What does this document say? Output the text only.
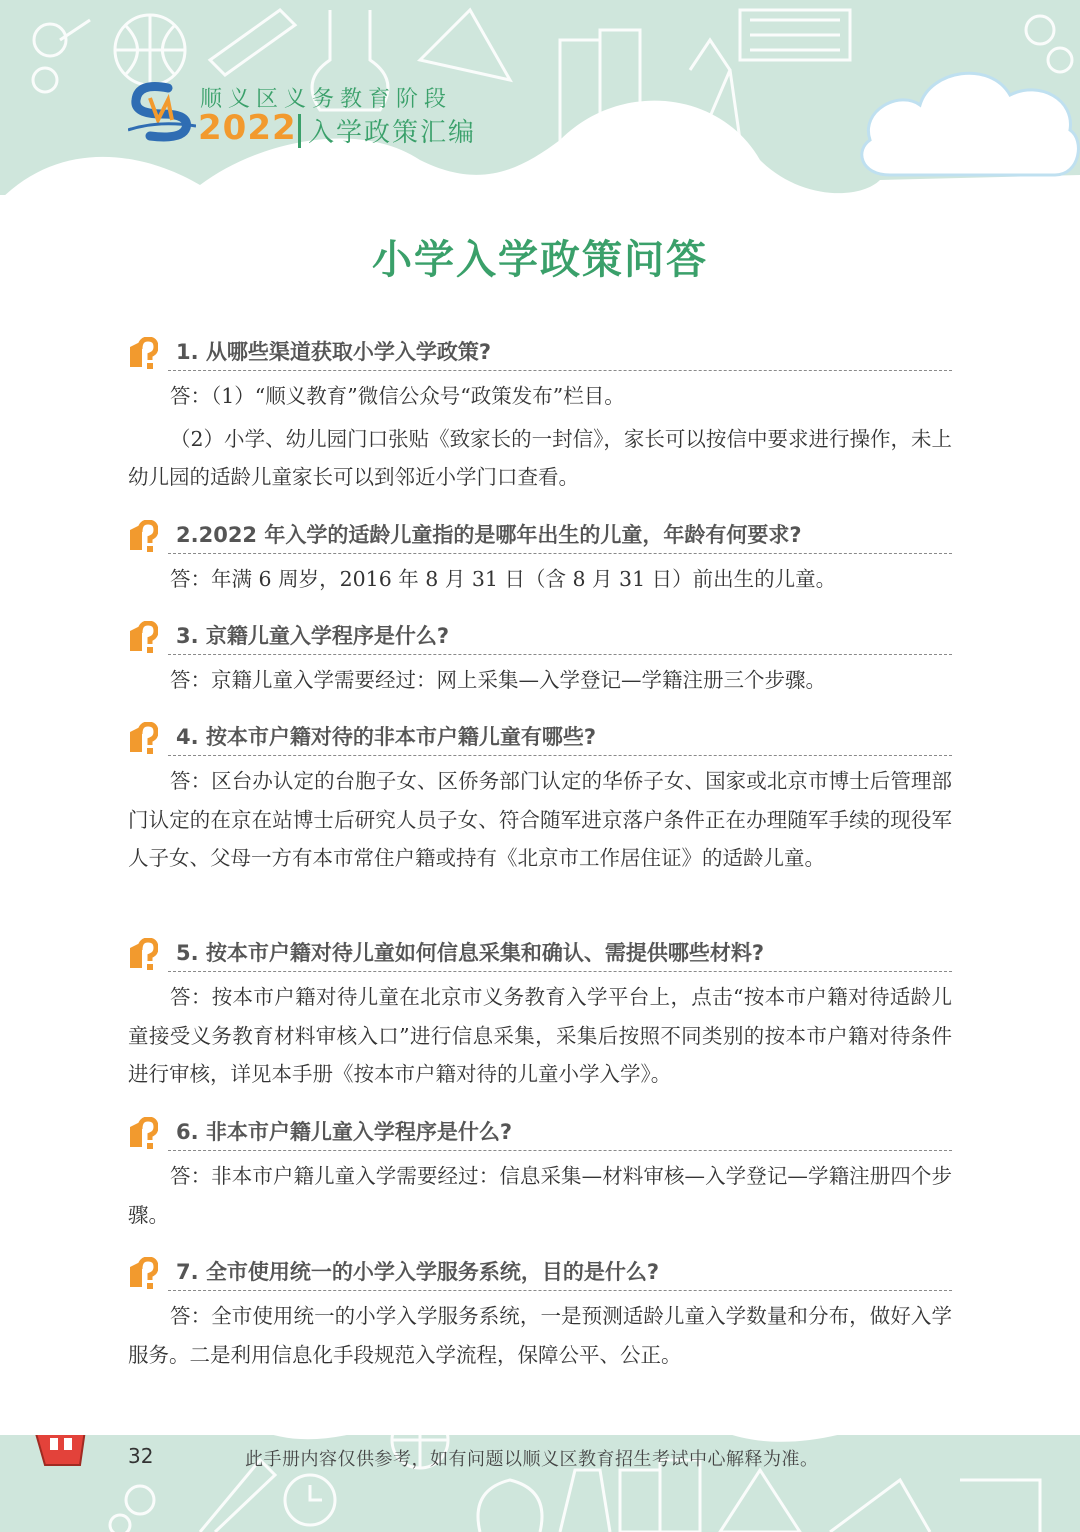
顺义区义务教育阶段
2022 入学政策汇编
小学入学政策问答
1. 从哪些渠道获取小学入学政策?

答：（1）“顺义教育”微信公众号“政策发布”栏目。

（2）小学、幼儿园门口张贴《致家长的一封信》，家长可以按信中要求进行操作，未上幼儿园的适龄儿童家长可以到邻近小学门口查看。

2.2022 年入学的适龄儿童指的是哪年出生的儿童，年龄有何要求?

答：年满 6 周岁，2016 年 8 月 31 日（含 8 月 31 日）前出生的儿童。

3. 京籍儿童入学程序是什么?

答：京籍儿童入学需要经过：网上采集—入学登记—学籍注册三个步骤。

4. 按本市户籍对待的非本市户籍儿童有哪些?

答：区台办认定的台胞子女、区侨务部门认定的华侨子女、国家或北京市博士后管理部门认定的在京在站博士后研究人员子女、符合随军进京落户条件正在办理随军手续的现役军人子女、父母一方有本市常住户籍或持有《北京市工作居住证》的适龄儿童。

5. 按本市户籍对待儿童如何信息采集和确认、需提供哪些材料?

答：按本市户籍对待儿童在北京市义务教育入学平台上，点击“按本市户籍对待适龄儿童接受义务教育材料审核入口”进行信息采集，采集后按照不同类别的按本市户籍对待条件进行审核，详见本手册《按本市户籍对待的儿童小学入学》。

6. 非本市户籍儿童入学程序是什么?

答：非本市户籍儿童入学需要经过：信息采集—材料审核—入学登记—学籍注册四个步骤。

7. 全市使用统一的小学入学服务系统，目的是什么?

答：全市使用统一的小学入学服务系统，一是预测适龄儿童入学数量和分布，做好入学服务。二是利用信息化手段规范入学流程，保障公平、公正。

32	此手册内容仅供参考，如有问题以顺义区教育招生考试中心解释为准。
